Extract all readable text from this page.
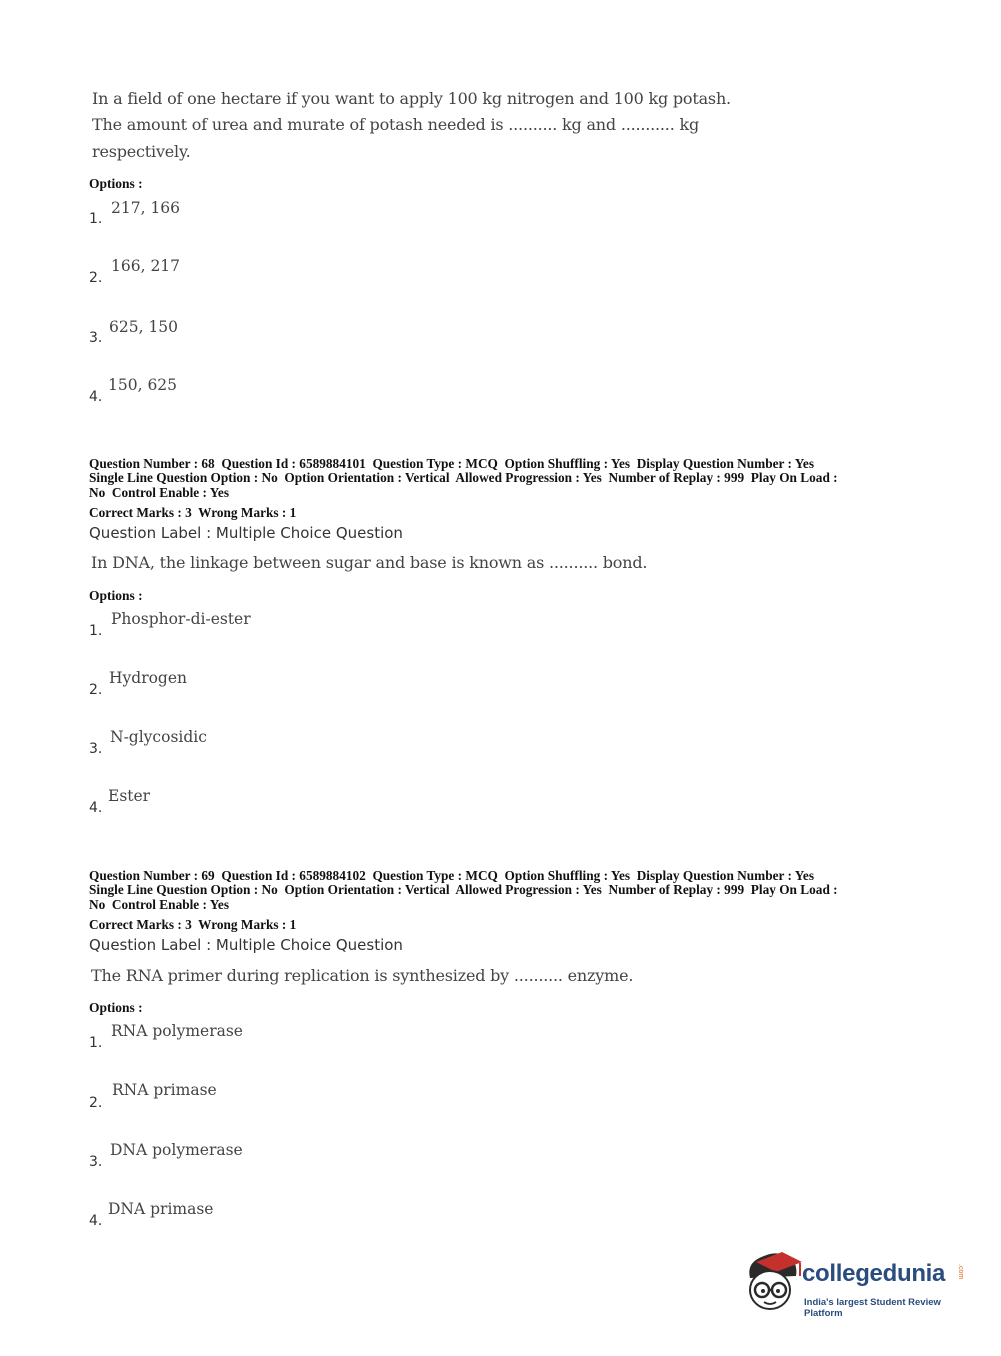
In a field of one hectare if you want to apply 100 kg nitrogen and 100 kg potash.
The amount of urea and murate of potash needed is .......... kg and ........... kg
respectively.
Options :
217, 166
1.
166, 217
2.
625, 150
3.
150, 625
4.
Question Number : 68  Question Id : 6589884101  Question Type : MCQ  Option Shuffling : Yes  Display Question Number : Yes
Single Line Question Option : No  Option Orientation : Vertical  Allowed Progression : Yes  Number of Replay : 999  Play On Load :
No  Control Enable : Yes
Correct Marks : 3  Wrong Marks : 1
Question Label : Multiple Choice Question
In DNA, the linkage between sugar and base is known as .......... bond.
Options :
Phosphor-di-ester
1.
Hydrogen
2.
N-glycosidic
3.
Ester
4.
Question Number : 69  Question Id : 6589884102  Question Type : MCQ  Option Shuffling : Yes  Display Question Number : Yes
Single Line Question Option : No  Option Orientation : Vertical  Allowed Progression : Yes  Number of Replay : 999  Play On Load :
No  Control Enable : Yes
Correct Marks : 3  Wrong Marks : 1
Question Label : Multiple Choice Question
The RNA primer during replication is synthesized by .......... enzyme.
Options :
RNA polymerase
1.
RNA primase
2.
DNA polymerase
3.
DNA primase
4.
collegedunia .com
India's largest Student Review Platform
